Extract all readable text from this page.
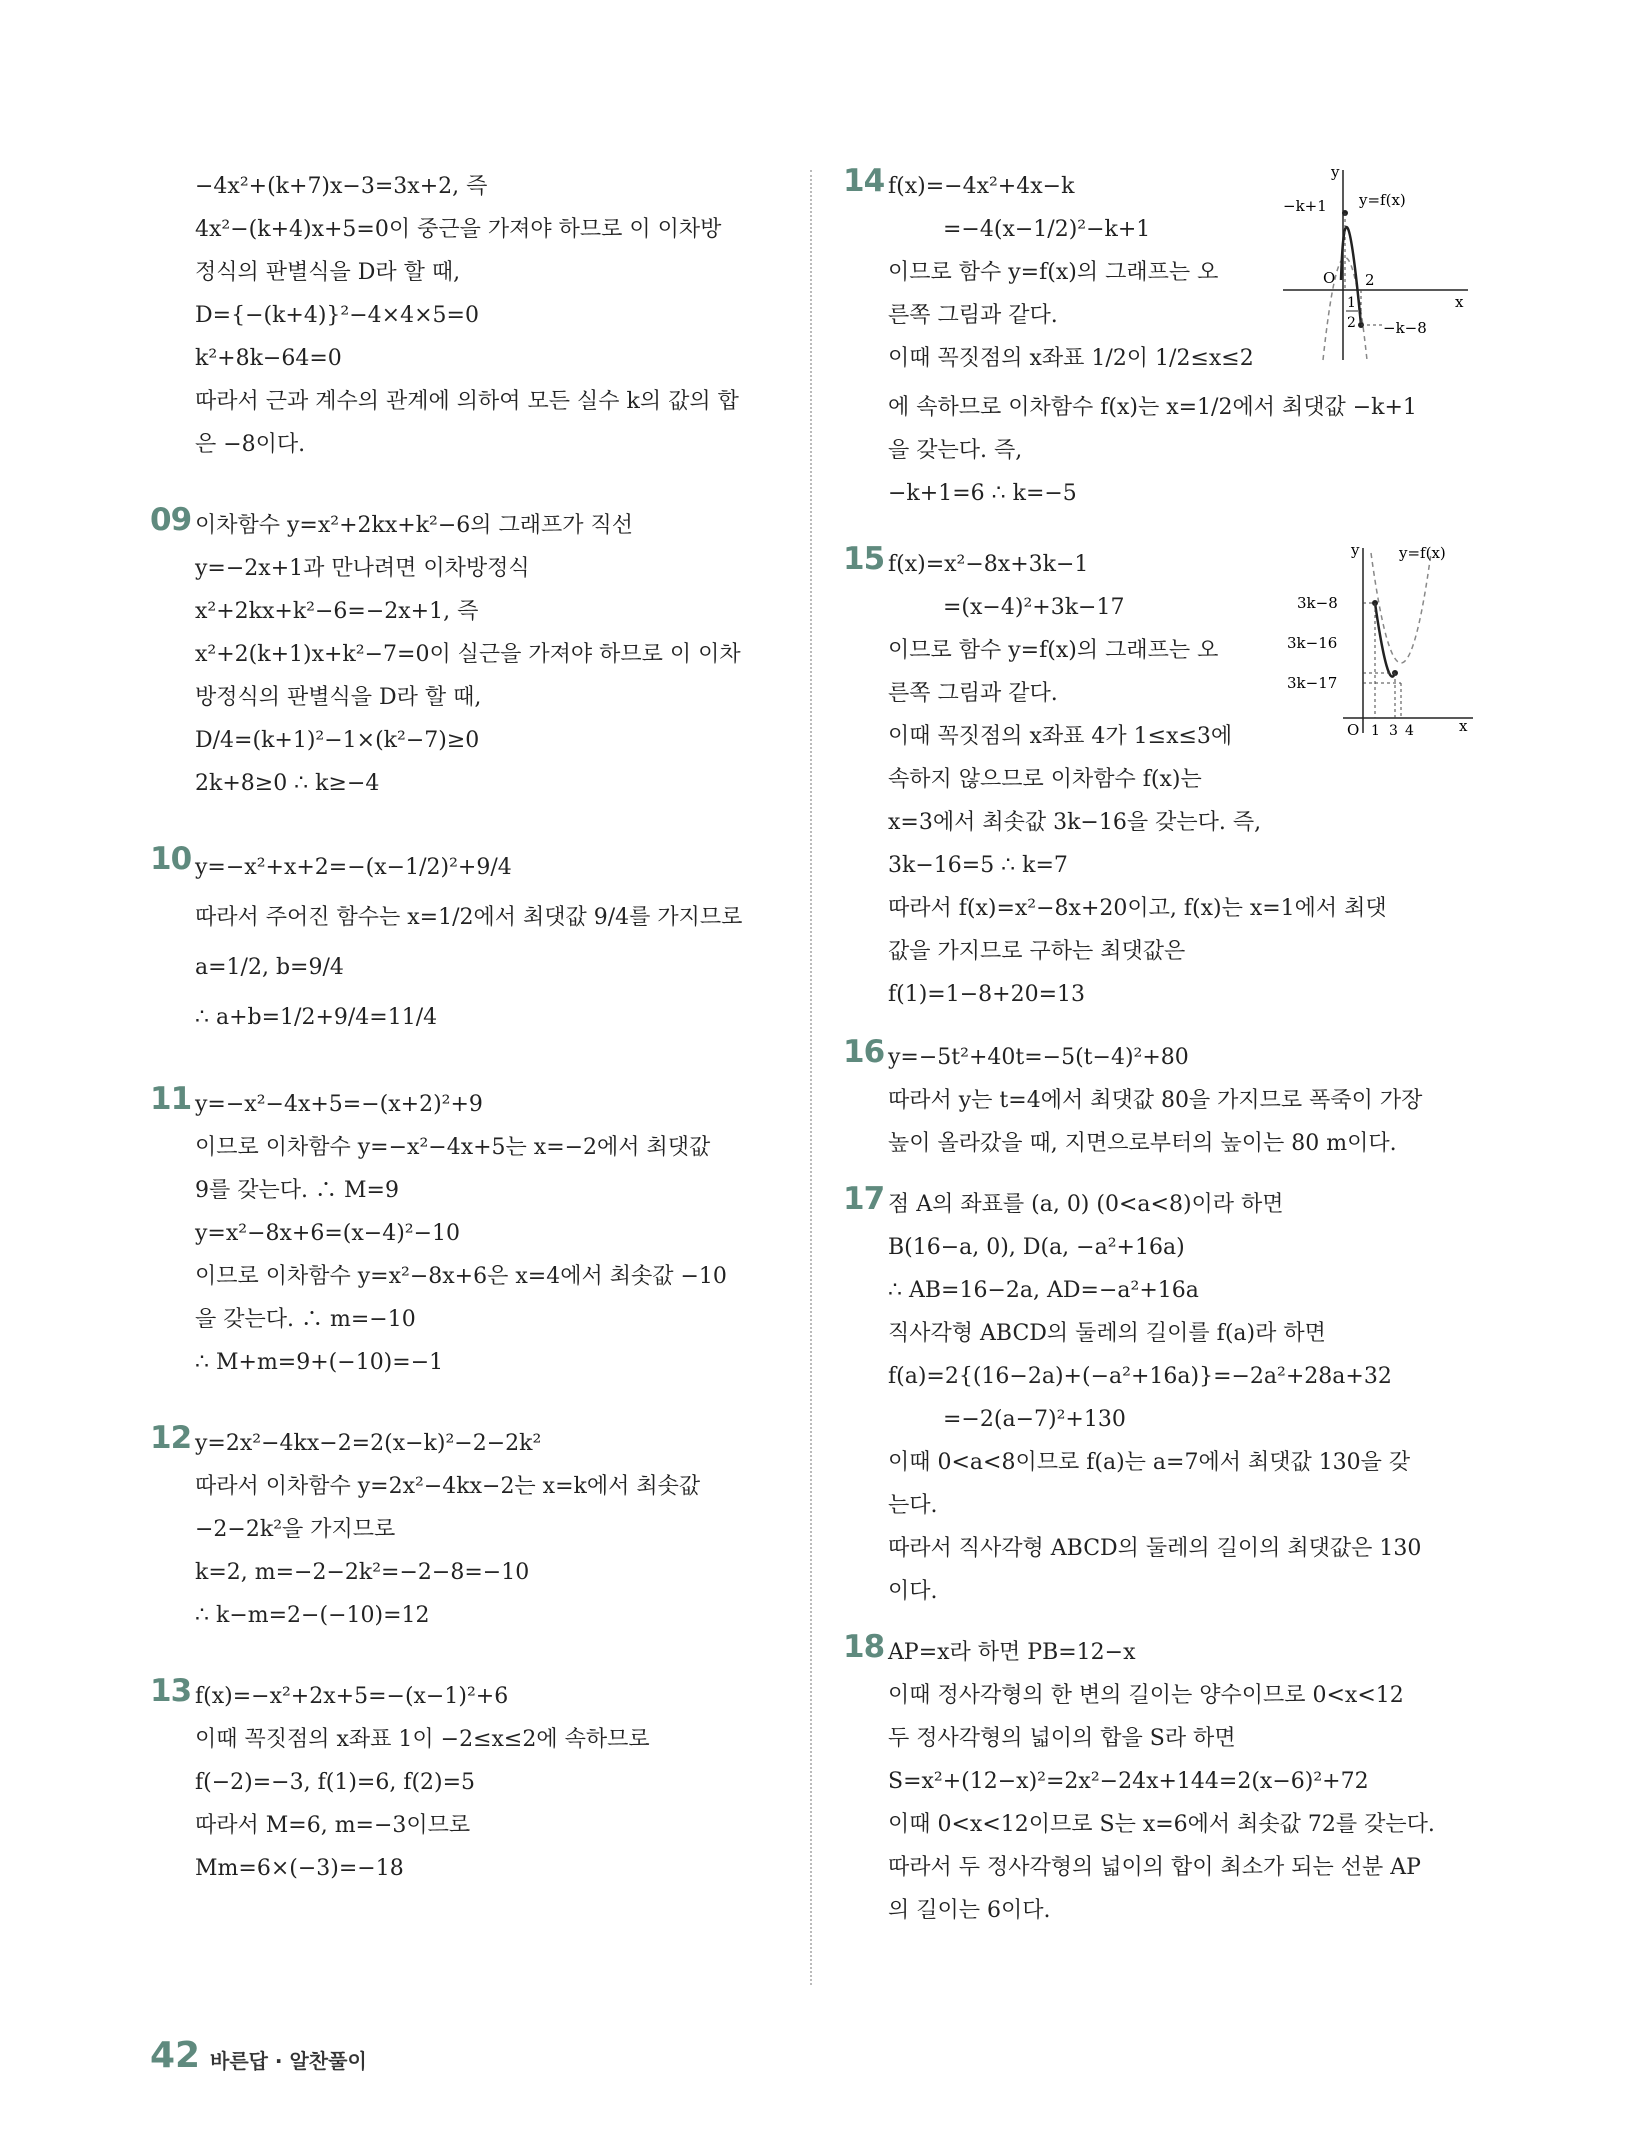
−4x²+(k+7)x−3=3x+2, 즉
4x²−(k+4)x+5=0이 중근을 가져야 하므로 이 이차방
정식의 판별식을 D라 할 때,
D={−(k+4)}²−4×4×5=0
k²+8k−64=0
따라서 근과 계수의 관계에 의하여 모든 실수 k의 값의 합
은 −8이다.
09 이차함수 y=x²+2kx+k²−6의 그래프가 직선
y=−2x+1과 만나려면 이차방정식
x²+2kx+k²−6=−2x+1, 즉
x²+2(k+1)x+k²−7=0이 실근을 가져야 하므로 이 이차
방정식의 판별식을 D라 할 때,
D/4=(k+1)²−1×(k²−7)≥0
2k+8≥0 ∴ k≥−4
10 y=−x²+x+2=−(x−1/2)²+9/4
따라서 주어진 함수는 x=1/2에서 최댓값 9/4를 가지므로
a=1/2, b=9/4
∴ a+b=1/2+9/4=11/4
11 y=−x²−4x+5=−(x+2)²+9
이므로 이차함수 y=−x²−4x+5는 x=−2에서 최댓값
9를 갖는다. ∴ M=9
y=x²−8x+6=(x−4)²−10
이므로 이차함수 y=x²−8x+6은 x=4에서 최솟값 −10
을 갖는다. ∴ m=−10
∴ M+m=9+(−10)=−1
12 y=2x²−4kx−2=2(x−k)²−2−2k²
따라서 이차함수 y=2x²−4kx−2는 x=k에서 최솟값
−2−2k²을 가지므로
k=2, m=−2−2k²=−2−8=−10
∴ k−m=2−(−10)=12
13 f(x)=−x²+2x+5=−(x−1)²+6
이때 꼭짓점의 x좌표 1이 −2≤x≤2에 속하므로
f(−2)=−3, f(1)=6, f(2)=5
따라서 M=6, m=−3이므로
Mm=6×(−3)=−18
14 f(x)=−4x²+4x−k
=−4(x−1/2)²−k+1
이므로 함수 y=f(x)의 그래프는 오
른쪽 그림과 같다.
이때 꼭짓점의 x좌표 1/2이 1/2≤x≤2
에 속하므로 이차함수 f(x)는 x=1/2에서 최댓값 −k+1
을 갖는다. 즉,
−k+1=6 ∴ k=−5
y
−k+1 y=f(x)
O 2
1
2
x
−k−8
15 f(x)=x²−8x+3k−1
=(x−4)²+3k−17
이므로 함수 y=f(x)의 그래프는 오
른쪽 그림과 같다.
이때 꼭짓점의 x좌표 4가 1≤x≤3에
속하지 않으므로 이차함수 f(x)는
x=3에서 최솟값 3k−16을 갖는다. 즉,
3k−16=5 ∴ k=7
따라서 f(x)=x²−8x+20이고, f(x)는 x=1에서 최댓
값을 가지므로 구하는 최댓값은
f(1)=1−8+20=13
y	y=f(x)
3k−8
3k−16
3k−17
O 1 3 4	x
16 y=−5t²+40t=−5(t−4)²+80
따라서 y는 t=4에서 최댓값 80을 가지므로 폭죽이 가장
높이 올라갔을 때, 지면으로부터의 높이는 80 m이다.
17 점 A의 좌표를 (a, 0) (0<a<8)이라 하면
B(16−a, 0), D(a, −a²+16a)
∴ AB=16−2a, AD=−a²+16a
직사각형 ABCD의 둘레의 길이를 f(a)라 하면
f(a)=2{(16−2a)+(−a²+16a)}=−2a²+28a+32
=−2(a−7)²+130
이때 0<a<8이므로 f(a)는 a=7에서 최댓값 130을 갖
는다.
따라서 직사각형 ABCD의 둘레의 길이의 최댓값은 130
이다.
18 AP=x라 하면 PB=12−x
이때 정사각형의 한 변의 길이는 양수이므로 0<x<12
두 정사각형의 넓이의 합을 S라 하면
S=x²+(12−x)²=2x²−24x+144=2(x−6)²+72
이때 0<x<12이므로 S는 x=6에서 최솟값 72를 갖는다.
따라서 두 정사각형의 넓이의 합이 최소가 되는 선분 AP
의 길이는 6이다.
42 바른답 · 알찬풀이
